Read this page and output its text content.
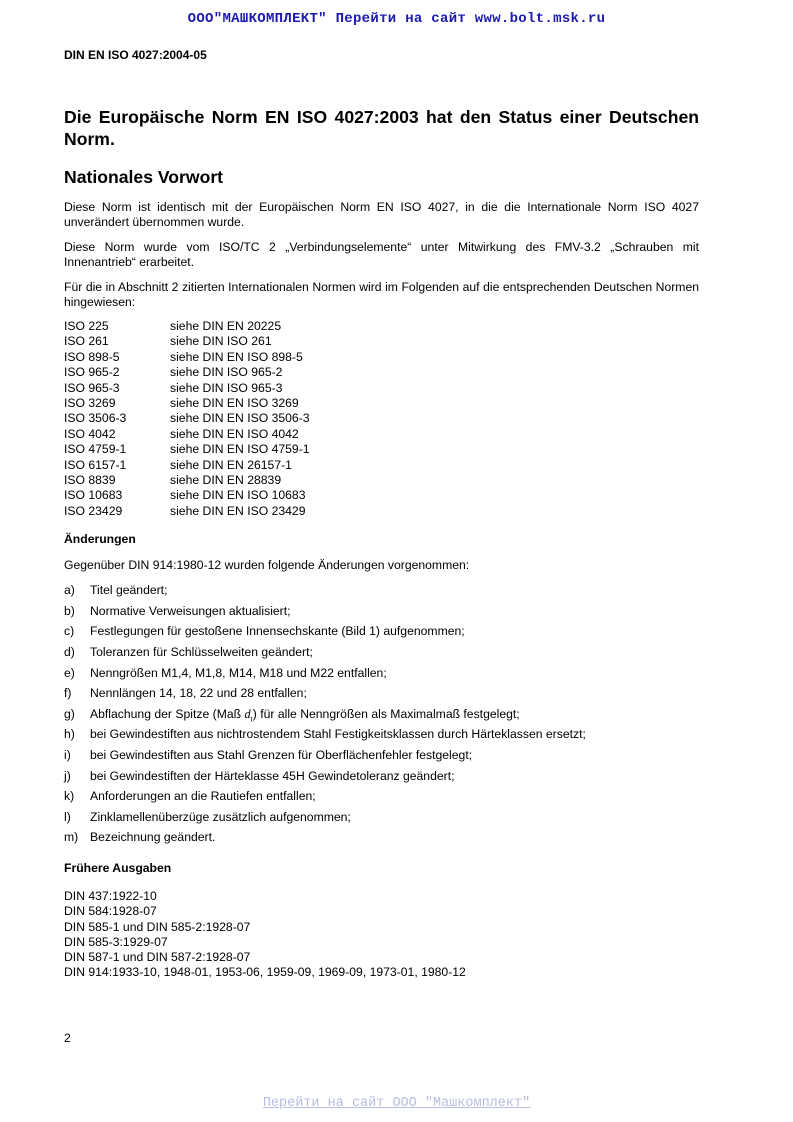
ООО"МАШКОМПЛЕКТ" Перейти на сайт www.bolt.msk.ru
DIN EN ISO 4027:2004-05
Die Europäische Norm EN ISO 4027:2003 hat den Status einer Deutschen Norm.
Nationales Vorwort

Diese Norm ist identisch mit der Europäischen Norm EN ISO 4027, in die die Internationale Norm ISO 4027 unverändert übernommen wurde.

Diese Norm wurde vom ISO/TC 2 „Verbindungselemente“ unter Mitwirkung des FMV-3.2 „Schrauben mit Innenantrieb“ erarbeitet.

Für die in Abschnitt 2 zitierten Internationalen Normen wird im Folgenden auf die entsprechenden Deutschen Normen hingewiesen:

ISO 225	siehe DIN EN 20225
ISO 261	siehe DIN ISO 261
ISO 898-5	siehe DIN EN ISO 898-5
ISO 965-2	siehe DIN ISO 965-2
ISO 965-3	siehe DIN ISO 965-3
ISO 3269	siehe DIN EN ISO 3269
ISO 3506-3	siehe DIN EN ISO 3506-3
ISO 4042	siehe DIN EN ISO 4042
ISO 4759-1	siehe DIN EN ISO 4759-1
ISO 6157-1	siehe DIN EN 26157-1
ISO 8839	siehe DIN EN 28839
ISO 10683	siehe DIN EN ISO 10683
ISO 23429	siehe DIN EN ISO 23429
Änderungen

Gegenüber DIN 914:1980-12 wurden folgende Änderungen vorgenommen:

a)	Titel geändert;
b)	Normative Verweisungen aktualisiert;
c)	Festlegungen für gestoßene Innensechskante (Bild 1) aufgenommen;
d)	Toleranzen für Schlüsselweiten geändert;
e)	Nenngrößen M1,4, M1,8, M14, M18 und M22 entfallen;
f)	Nennlängen 14, 18, 22 und 28 entfallen;
g)	Abflachung der Spitze (Maß $d_t$) für alle Nenngrößen als Maximalmaß festgelegt;
h)	bei Gewindestiften aus nichtrostendem Stahl Festigkeitsklassen durch Härteklassen ersetzt;
i)	bei Gewindestiften aus Stahl Grenzen für Oberflächenfehler festgelegt;
j)	bei Gewindestiften der Härteklasse 45H Gewindetoleranz geändert;
k)	Anforderungen an die Rautiefen entfallen;
l)	Zinklamellenüberzüge zusätzlich aufgenommen;
m) Bezeichnung geändert.
Frühere Ausgaben
DIN 437:1922-10
DIN 584:1928-07
DIN 585-1 und DIN 585-2:1928-07
DIN 585-3:1929-07
DIN 587-1 und DIN 587-2:1928-07
DIN 914:1933-10, 1948-01, 1953-06, 1959-09, 1969-09, 1973-01, 1980-12
2
Перейти на сайт ООО "Машкомплект"
